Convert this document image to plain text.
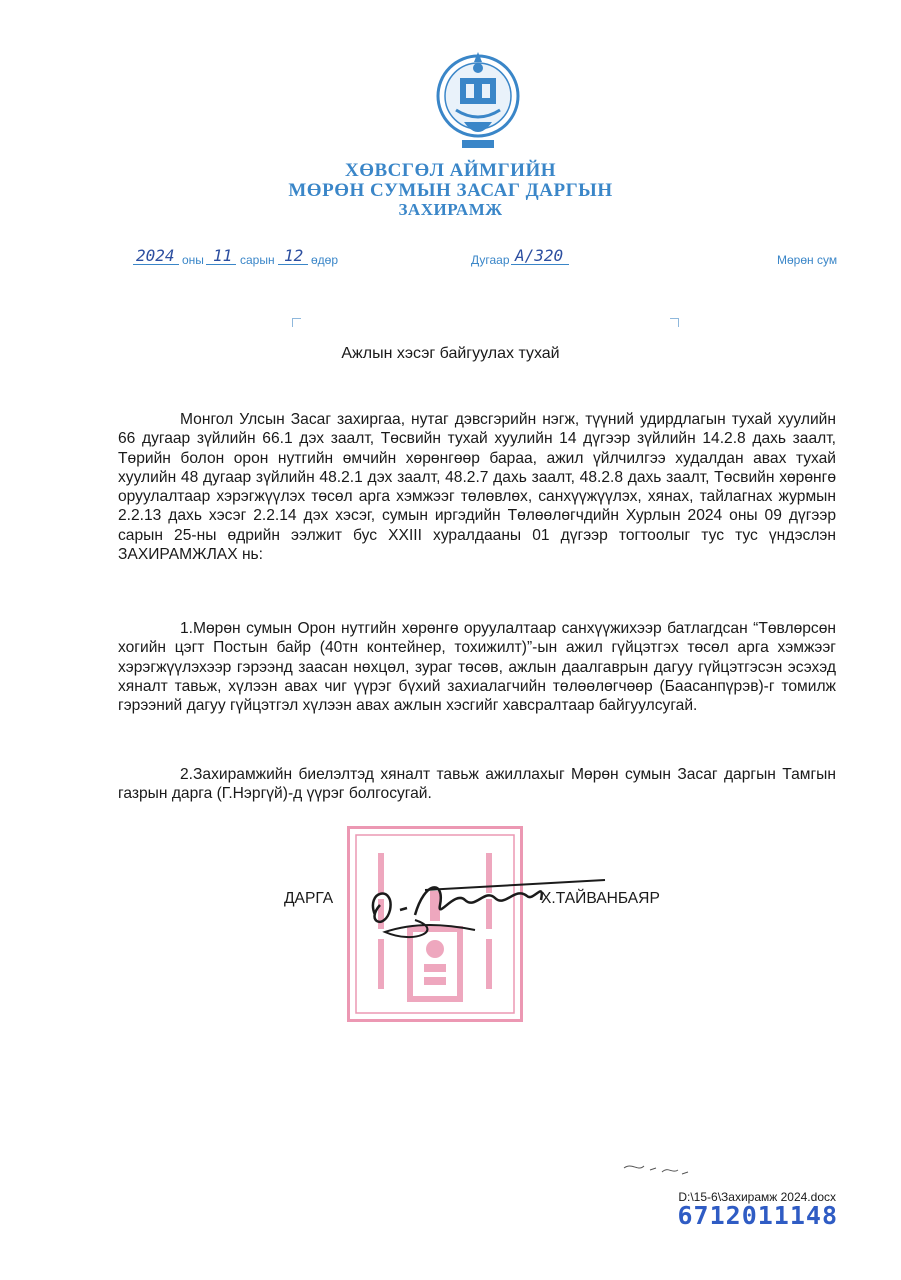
ХӨВСГӨЛ АЙМГИЙН
МӨРӨН СУМЫН ЗАСАГ ДАРГЫН
ЗАХИРАМЖ
2024 оны 11 сарын 12 өдөр	Дугаар А/320	Мөрөн сум
Ажлын хэсэг байгуулах тухай
Монгол Улсын Засаг захиргаа, нутаг дэвсгэрийн нэгж, түүний удирдлагын тухай хуулийн 66 дугаар зүйлийн 66.1 дэх заалт, Төсвийн тухай хуулийн 14 дүгээр зүйлийн 14.2.8 дахь заалт, Төрийн болон орон нутгийн өмчийн хөрөнгөөр бараа, ажил үйлчилгээ худалдан авах тухай хуулийн 48 дугаар зүйлийн 48.2.1 дэх заалт, 48.2.7 дахь заалт, 48.2.8 дахь заалт, Төсвийн хөрөнгө оруулалтаар хэрэгжүүлэх төсөл арга хэмжээг төлөвлөх, санхүүжүүлэх, хянах, тайлагнах журмын 2.2.13 дахь хэсэг 2.2.14 дэх хэсэг, сумын иргэдийн Төлөөлөгчдийн Хурлын 2024 оны 09 дүгээр сарын 25-ны өдрийн ээлжит бус XXIII хуралдааны 01 дүгээр тогтоолыг тус тус үндэслэн ЗАХИРАМЖЛАХ нь:
1.Мөрөн сумын Орон нутгийн хөрөнгө оруулалтаар санхүүжихээр батлагдсан “Төвлөрсөн хогийн цэгт Постын байр (40тн контейнер, тохижилт)”-ын ажил гүйцэтгэх төсөл арга хэмжээг хэрэгжүүлэхээр гэрээнд заасан нөхцөл, зураг төсөв, ажлын даалгаврын дагуу гүйцэтгэсэн эсэхэд хяналт тавьж, хүлээн авах чиг үүрэг бүхий захиалагчийн төлөөлөгчөөр (Баасанпүрэв)-г томилж гэрээний дагуу гүйцэтгэл хүлээн авах ажлын хэсгийг хавсралтаар байгуулсугай.
2.Захирамжийн биелэлтэд хяналт тавьж ажиллахыг Мөрөн сумын Засаг даргын Тамгын газрын дарга (Г.Нэргүй)-д үүрэг болгосугай.
ДАРГА	Х.ТАЙВАНБАЯР
D:\15-6\Захирамж 2024.docx
6712011148
